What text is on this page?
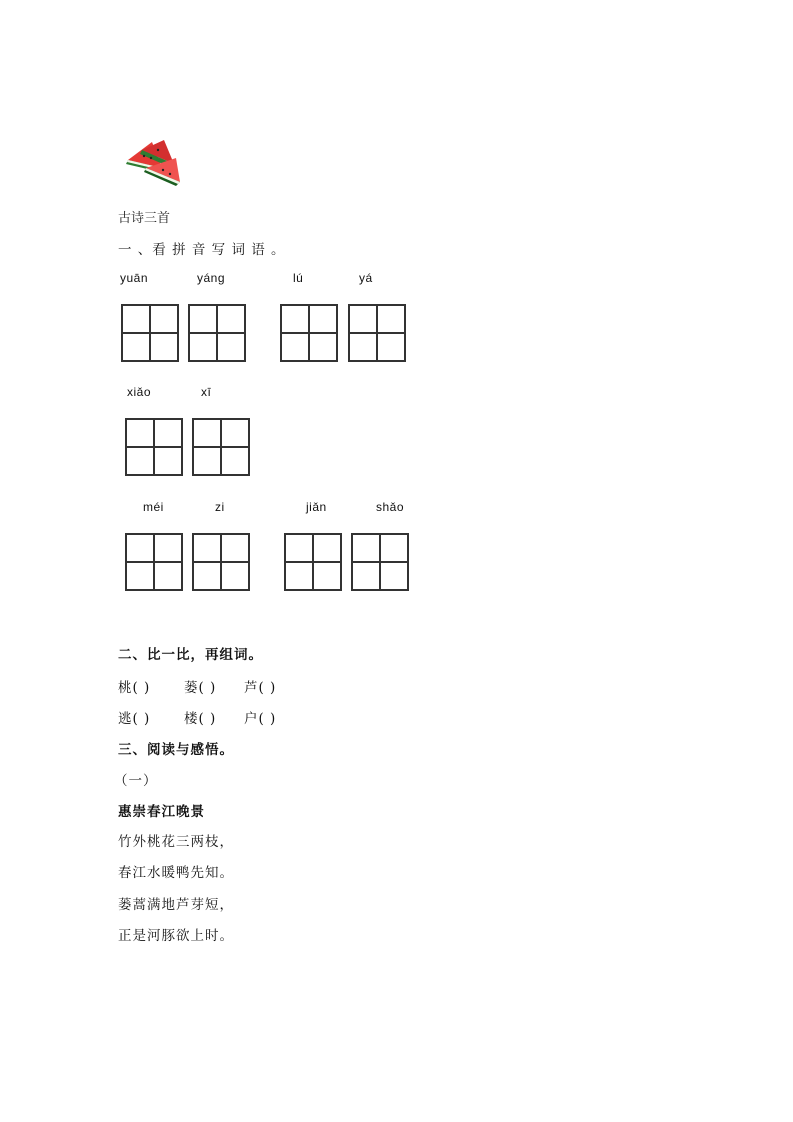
古诗三首
一 、看 拼 音 写 词 语 。
yuān	yáng	lú	yá
xiǎo	xī
méi	zi	jiǎn	shǎo
二、比一比，再组词。
桃( ) 蒌( ) 芦( )
逃( ) 楼( ) 户( )
三、阅读与感悟。
（一）
惠崇春江晚景
竹外桃花三两枝，
春江水暖鸭先知。
蒌蒿满地芦芽短，
正是河豚欲上时。
